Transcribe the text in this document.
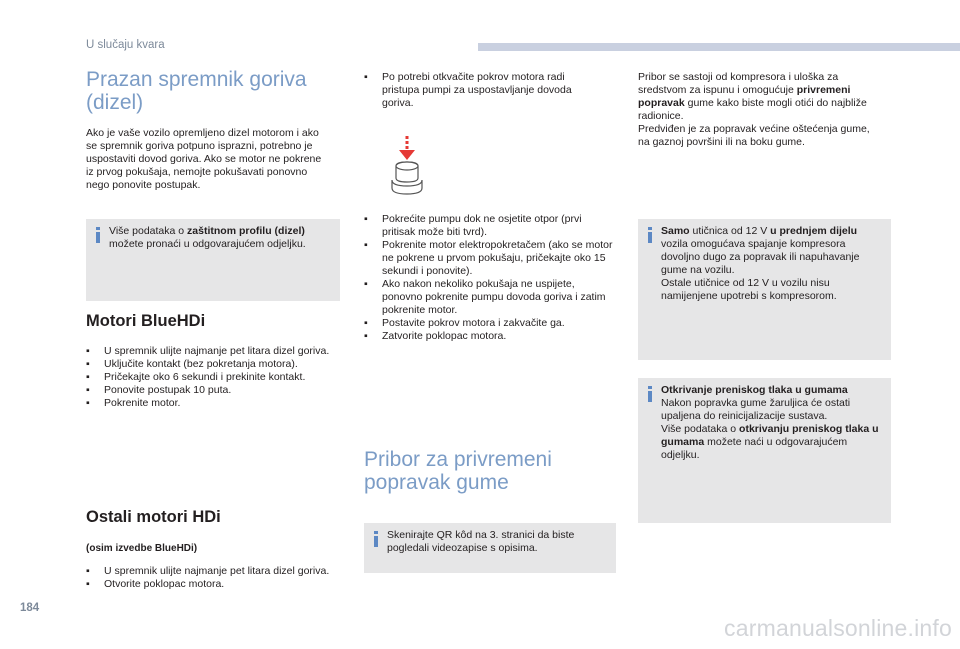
U slučaju kvara
Prazan spremnik goriva (dizel)

Ako je vaše vozilo opremljeno dizel motorom i ako se spremnik goriva potpuno isprazni, potrebno je uspostaviti dovod goriva. Ako se motor ne pokrene iz prvog pokušaja, nemojte pokušavati ponovno nego ponovite postupak.

Više podataka o zaštitnom profilu (dizel) možete pronaći u odgovarajućem odjeljku.
Motori BlueHDi
▪	U spremnik ulijte najmanje pet litara dizel goriva.
▪	Uključite kontakt (bez pokretanja motora).
▪	Pričekajte oko 6 sekundi i prekinite kontakt.
▪	Ponovite postupak 10 puta.
▪	Pokrenite motor.
Ostali motori HDi

(osim izvedbe BlueHDi)

▪	U spremnik ulijte najmanje pet litara dizel goriva.
▪	Otvorite poklopac motora.
▪	Po potrebi otkvačite pokrov motora radi pristupa pumpi za uspostavljanje dovoda goriva.
▪	Pokrećite pumpu dok ne osjetite otpor (prvi pritisak može biti tvrd).
▪	Pokrenite motor elektropokretačem (ako se motor ne pokrene u prvom pokušaju, pričekajte oko 15 sekundi i ponovite).
▪	Ako nakon nekoliko pokušaja ne uspijete, ponovno pokrenite pumpu dovoda goriva i zatim pokrenite motor.
▪	Postavite pokrov motora i zakvačite ga.
▪	Zatvorite poklopac motora.
Pribor za privremeni popravak gume
Skenirajte QR kôd na 3. stranici da biste pogledali videozapise s opisima.

Pribor se sastoji od kompresora i uloška za sredstvom za ispunu i omogućuje privremeni popravak gume kako biste mogli otići do najbliže radionice.
Predviđen je za popravak većine oštećenja gume, na gaznoj površini ili na boku gume.

Samo utičnica od 12 V u prednjem dijelu vozila omogućava spajanje kompresora dovoljno dugo za popravak ili napuhavanje gume na vozilu.
Ostale utičnice od 12 V u vozilu nisu namijenjene upotrebi s kompresorom.
Otkrivanje preniskog tlaka u gumama
Nakon popravka gume žaruljica će ostati upaljena do reinicijalizacije sustava.
Više podataka o otkrivanju preniskog tlaka u gumama možete naći u odgovarajućem odjeljku.
184
carmanualsonline.info
